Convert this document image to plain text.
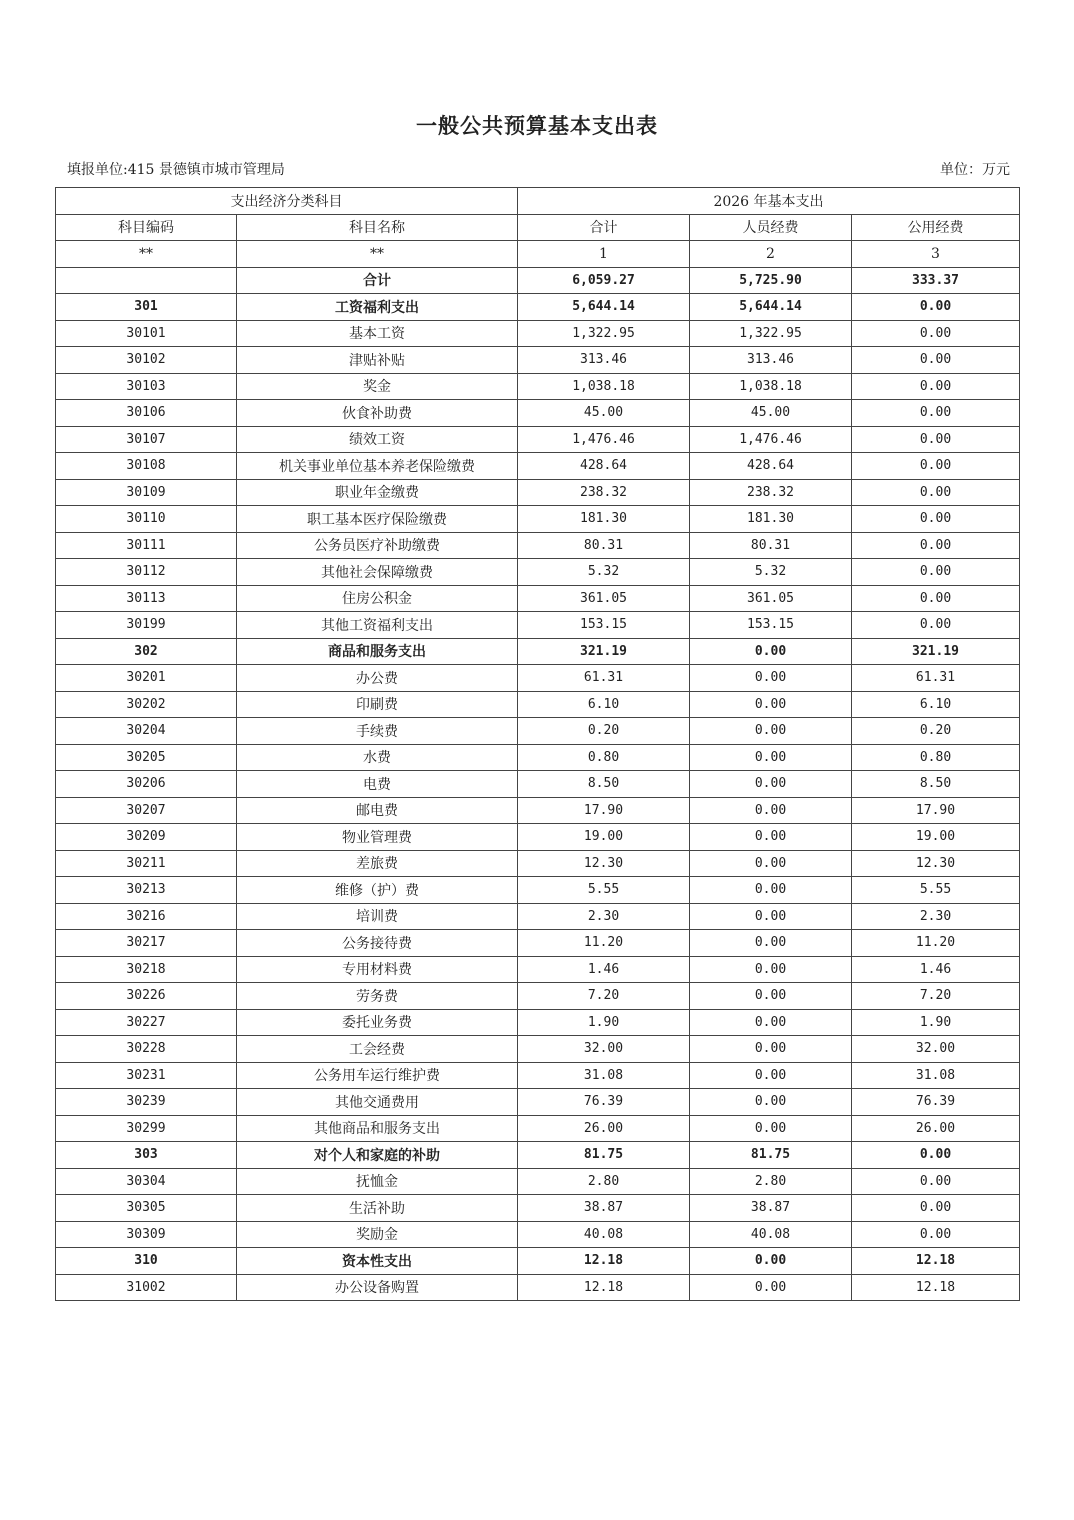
一般公共预算基本支出表
填报单位:415 景德镇市城市管理局	单位：万元
支出经济分类科目		2026 年基本支出		
科目编码	科目名称	合计	人员经费	公用经费
**	**	1	2	3
	合计	6,059.27	5,725.90	333.37
301	工资福利支出	5,644.14	5,644.14	0.00
30101	基本工资	1,322.95	1,322.95	0.00
30102	津贴补贴	313.46	313.46	0.00
30103	奖金	1,038.18	1,038.18	0.00
30106	伙食补助费	45.00	45.00	0.00
30107	绩效工资	1,476.46	1,476.46	0.00
30108	机关事业单位基本养老保险缴费	428.64	428.64	0.00
30109	职业年金缴费	238.32	238.32	0.00
30110	职工基本医疗保险缴费	181.30	181.30	0.00
30111	公务员医疗补助缴费	80.31	80.31	0.00
30112	其他社会保障缴费	5.32	5.32	0.00
30113	住房公积金	361.05	361.05	0.00
30199	其他工资福利支出	153.15	153.15	0.00
302	商品和服务支出	321.19	0.00	321.19
30201	办公费	61.31	0.00	61.31
30202	印刷费	6.10	0.00	6.10
30204	手续费	0.20	0.00	0.20
30205	水费	0.80	0.00	0.80
30206	电费	8.50	0.00	8.50
30207	邮电费	17.90	0.00	17.90
30209	物业管理费	19.00	0.00	19.00
30211	差旅费	12.30	0.00	12.30
30213	维修（护）费	5.55	0.00	5.55
30216	培训费	2.30	0.00	2.30
30217	公务接待费	11.20	0.00	11.20
30218	专用材料费	1.46	0.00	1.46
30226	劳务费	7.20	0.00	7.20
30227	委托业务费	1.90	0.00	1.90
30228	工会经费	32.00	0.00	32.00
30231	公务用车运行维护费	31.08	0.00	31.08
30239	其他交通费用	76.39	0.00	76.39
30299	其他商品和服务支出	26.00	0.00	26.00
303	对个人和家庭的补助	81.75	81.75	0.00
30304	抚恤金	2.80	2.80	0.00
30305	生活补助	38.87	38.87	0.00
30309	奖励金	40.08	40.08	0.00
310	资本性支出	12.18	0.00	12.18
31002	办公设备购置	12.18	0.00	12.18
